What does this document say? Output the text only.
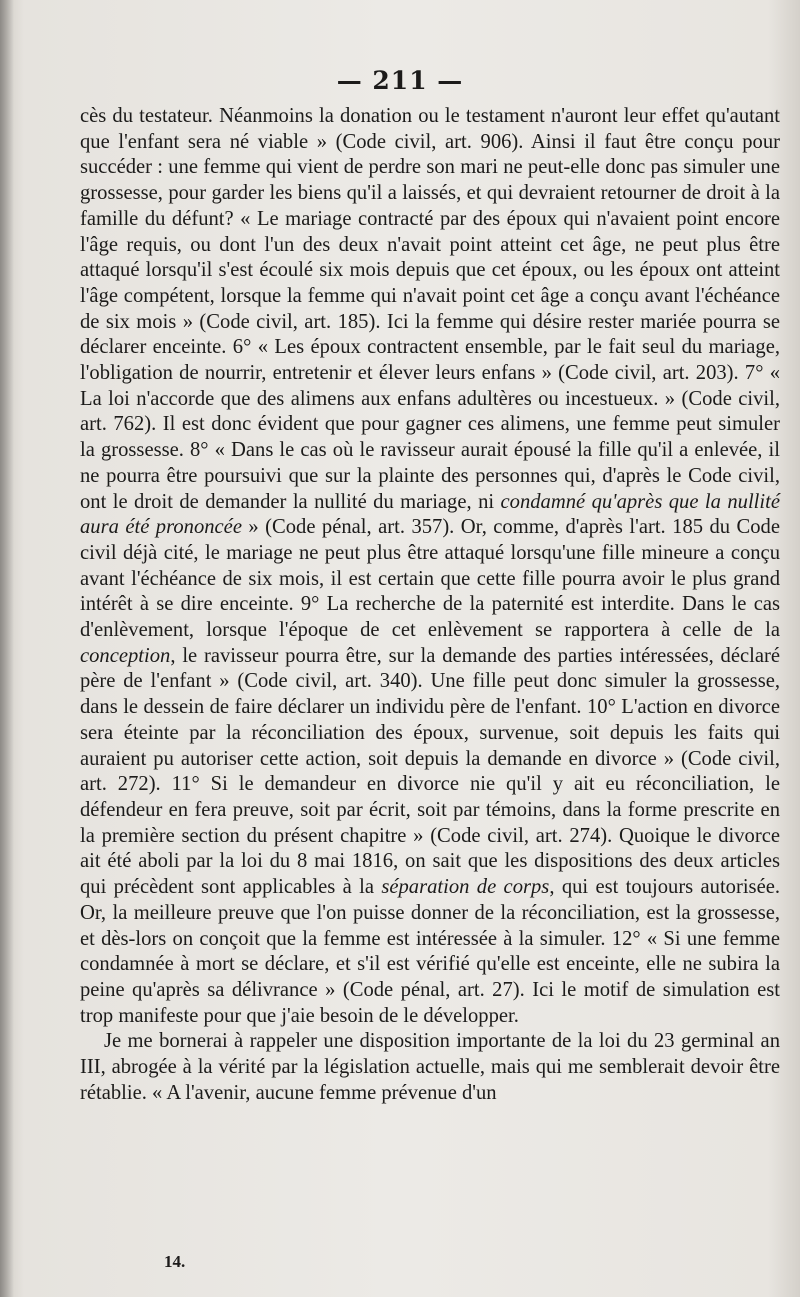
— 211 —

cès du testateur. Néanmoins la donation ou le testament n'auront leur effet qu'autant que l'enfant sera né viable » (Code civil, art. 906). Ainsi il faut être conçu pour succéder : une femme qui vient de perdre son mari ne peut-elle donc pas simuler une grossesse, pour garder les biens qu'il a laissés, et qui devraient retourner de droit à la famille du défunt? « Le mariage contracté par des époux qui n'avaient point encore l'âge requis, ou dont l'un des deux n'avait point atteint cet âge, ne peut plus être attaqué lorsqu'il s'est écoulé six mois depuis que cet époux, ou les époux ont atteint l'âge compétent, lorsque la femme qui n'avait point cet âge a conçu avant l'échéance de six mois » (Code civil, art. 185). Ici la femme qui désire rester mariée pourra se déclarer enceinte. 6° « Les époux contractent ensemble, par le fait seul du mariage, l'obligation de nourrir, entretenir et élever leurs enfans » (Code civil, art. 203). 7° « La loi n'accorde que des alimens aux enfans adultères ou incestueux. » (Code civil, art. 762). Il est donc évident que pour gagner ces alimens, une femme peut simuler la grossesse. 8° « Dans le cas où le ravisseur aurait épousé la fille qu'il a enlevée, il ne pourra être poursuivi que sur la plainte des personnes qui, d'après le Code civil, ont le droit de demander la nullité du mariage, ni condamné qu'après que la nullité aura été prononcée » (Code pénal, art. 357). Or, comme, d'après l'art. 185 du Code civil déjà cité, le mariage ne peut plus être attaqué lorsqu'une fille mineure a conçu avant l'échéance de six mois, il est certain que cette fille pourra avoir le plus grand intérêt à se dire enceinte. 9° La recherche de la paternité est interdite. Dans le cas d'enlèvement, lorsque l'époque de cet enlèvement se rapportera à celle de la conception, le ravisseur pourra être, sur la demande des parties intéressées, déclaré père de l'enfant » (Code civil, art. 340). Une fille peut donc simuler la grossesse, dans le dessein de faire déclarer un individu père de l'enfant. 10° L'action en divorce sera éteinte par la réconciliation des époux, survenue, soit depuis les faits qui auraient pu autoriser cette action, soit depuis la demande en divorce » (Code civil, art. 272). 11° Si le demandeur en divorce nie qu'il y ait eu réconciliation, le défendeur en fera preuve, soit par écrit, soit par témoins, dans la forme prescrite en la première section du présent chapitre » (Code civil, art. 274). Quoique le divorce ait été aboli par la loi du 8 mai 1816, on sait que les dispositions des deux articles qui précèdent sont applicables à la séparation de corps, qui est toujours autorisée. Or, la meilleure preuve que l'on puisse donner de la réconciliation, est la grossesse, et dès-lors on conçoit que la femme est intéressée à la simuler. 12° « Si une femme condamnée à mort se déclare, et s'il est vérifié qu'elle est enceinte, elle ne subira la peine qu'après sa délivrance » (Code pénal, art. 27). Ici le motif de simulation est trop manifeste pour que j'aie besoin de le développer.

Je me bornerai à rappeler une disposition importante de la loi du 23 germinal an III, abrogée à la vérité par la législation actuelle, mais qui me semblerait devoir être rétablie. « A l'avenir, aucune femme prévenue d'un

14.
